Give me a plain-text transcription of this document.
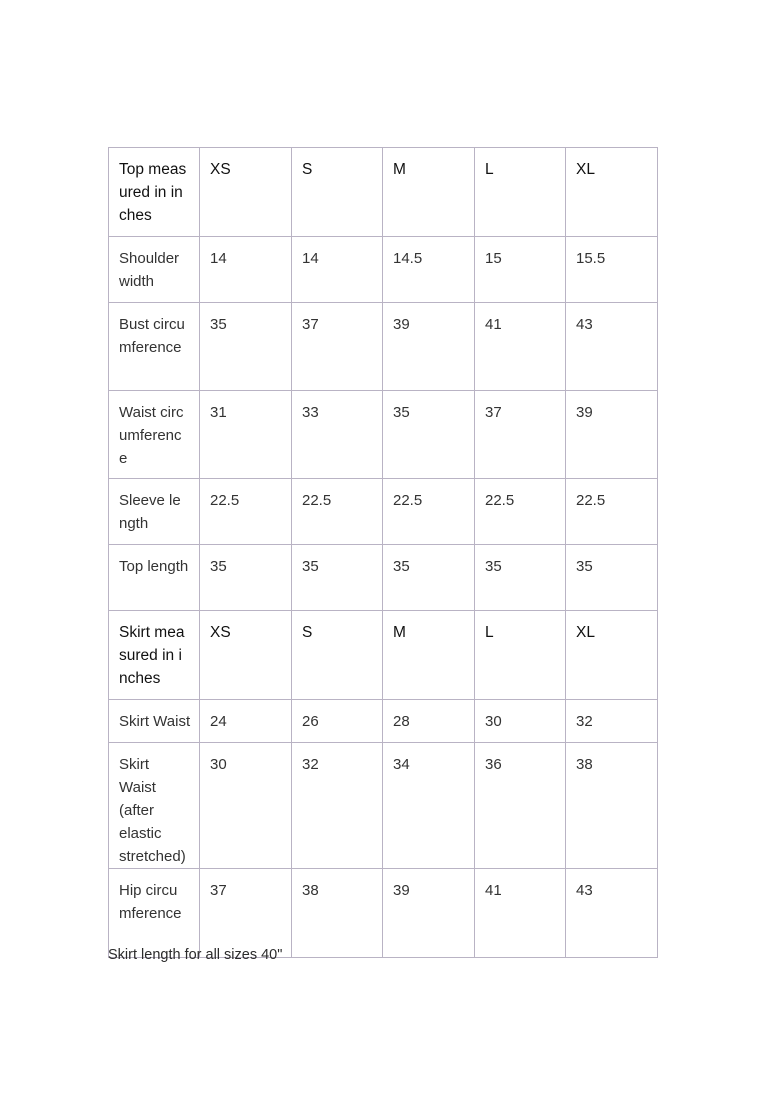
Top measured in inches	XS	S	M	L	XL
Shoulder width	14	14	14.5	15	15.5
Bust circumference	35	37	39	41	43
Waist circumference	31	33	35	37	39
Sleeve length	22.5	22.5	22.5	22.5	22.5
Top length	35	35	35	35	35
Skirt measured in inches	XS	S	M	L	XL
Skirt Waist	24	26	28	30	32
Skirt Waist (after elastic stretched)	30	32	34	36	38
Hip circumference	37	38	39	41	43
Skirt length for all sizes 40"
